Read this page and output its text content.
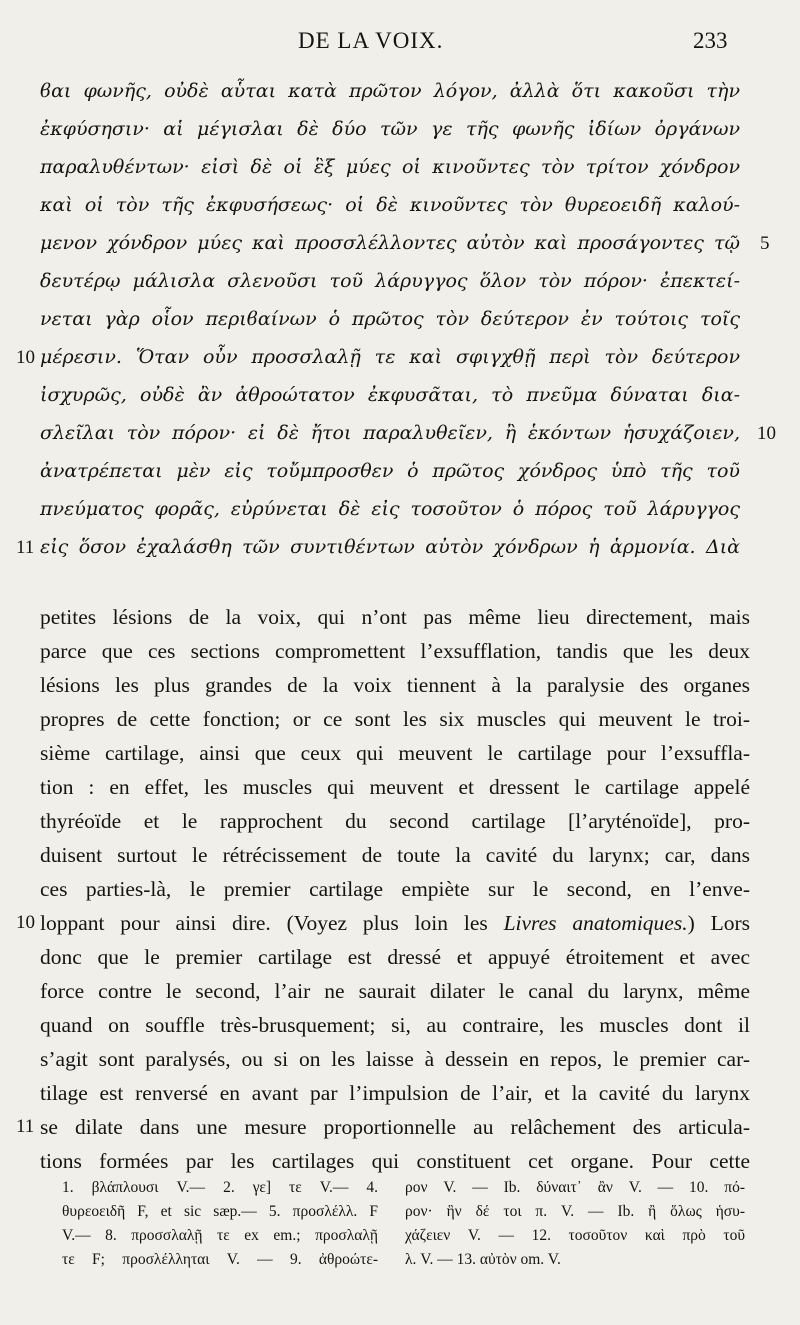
DE LA VOIX.	233
ϐαι φωνῆς, οὐδὲ αὗται κατὰ πρῶτον λόγον, ἀλλὰ ὅτι κακοῦσι τὴν
ἐκφύσησιν· αἱ μέγισλαι δὲ δύο τῶν γε τῆς φωνῆς ἰδίων ὀργάνων
παραλυθέντων· εἰσὶ δὲ οἱ ἓξ μύες οἱ κινοῦντες τὸν τρίτον χόνδρον
καὶ οἱ τὸν τῆς ἐκφυσήσεως· οἱ δὲ κινοῦντες τὸν θυρεοειδῆ καλού-
μενον χόνδρον μύες καὶ προσσλέλλοντες αὐτὸν καὶ προσάγοντες τῷ
δευτέρῳ μάλισλα σλενοῦσι τοῦ λάρυγγος ὅλον τὸν πόρον· ἐπεκτεί-
νεται γὰρ οἷον περιϐαίνων ὁ πρῶτος τὸν δεύτερον ἐν τούτοις τοῖς
μέρεσιν. Ὅταν οὖν προσσλαλῇ τε καὶ σφιγχθῇ περὶ τὸν δεύτερον
ἰσχυρῶς, οὐδὲ ἂν ἀθροώτατον ἐκφυσᾶται, τὸ πνεῦμα δύναται δια-
σλεῖλαι τὸν πόρον· εἰ δὲ ἤτοι παραλυθεῖεν, ἢ ἑκόντων ἡσυχάζοιεν,
ἀνατρέπεται μὲν εἰς τοὔμπροσθεν ὁ πρῶτος χόνδρος ὑπὸ τῆς τοῦ
πνεύματος φορᾶς, εὐρύνεται δὲ εἰς τοσοῦτον ὁ πόρος τοῦ λάρυγγος
εἰς ὅσον ἐχαλάσθη τῶν συντιθέντων αὐτὸν χόνδρων ἡ ἁρμονία. Διὰ
5
10
10
11
petites lésions de la voix, qui n’ont pas même lieu directement, mais
parce que ces sections compromettent l’exsufflation, tandis que les deux
lésions les plus grandes de la voix tiennent à la paralysie des organes
propres de cette fonction; or ce sont les six muscles qui meuvent le troi-
sième cartilage, ainsi que ceux qui meuvent le cartilage pour l’exsuffla-
tion : en effet, les muscles qui meuvent et dressent le cartilage appelé
thyréoïde et le rapprochent du second cartilage [l’aryténoïde], pro-
duisent surtout le rétrécissement de toute la cavité du larynx; car, dans
ces parties-là, le premier cartilage empiète sur le second, en l’enve-
loppant pour ainsi dire. (Voyez plus loin les Livres anatomiques.) Lors
donc que le premier cartilage est dressé et appuyé étroitement et avec
force contre le second, l’air ne saurait dilater le canal du larynx, même
quand on souffle très-brusquement; si, au contraire, les muscles dont il
s’agit sont paralysés, ou si on les laisse à dessein en repos, le premier car-
tilage est renversé en avant par l’impulsion de l’air, et la cavité du larynx
se dilate dans une mesure proportionnelle au relâchement des articula-
tions formées par les cartilages qui constituent cet organe. Pour cette
10
11
1. βλάπλουσι V.— 2. γε] τε V.— 4.
θυρεοειδῆ F, et sic sæp.— 5. προσλέλλ. F
V.— 8. προσσλαλῇ τε ex em.; προσλαλῇ
τε F; προσλέλληται V. — 9. ἀθροώτε-
ρον V. — Ib. δύναιτ᾽ ἂν V. — 10. πό-
ρον· ἣν δέ τοι π. V. — Ib. ἢ ὅλως ἡσυ-
χάζειεν V. — 12. τοσοῦτον καὶ πρὸ τοῦ
λ. V. — 13. αὐτὸν om. V.
